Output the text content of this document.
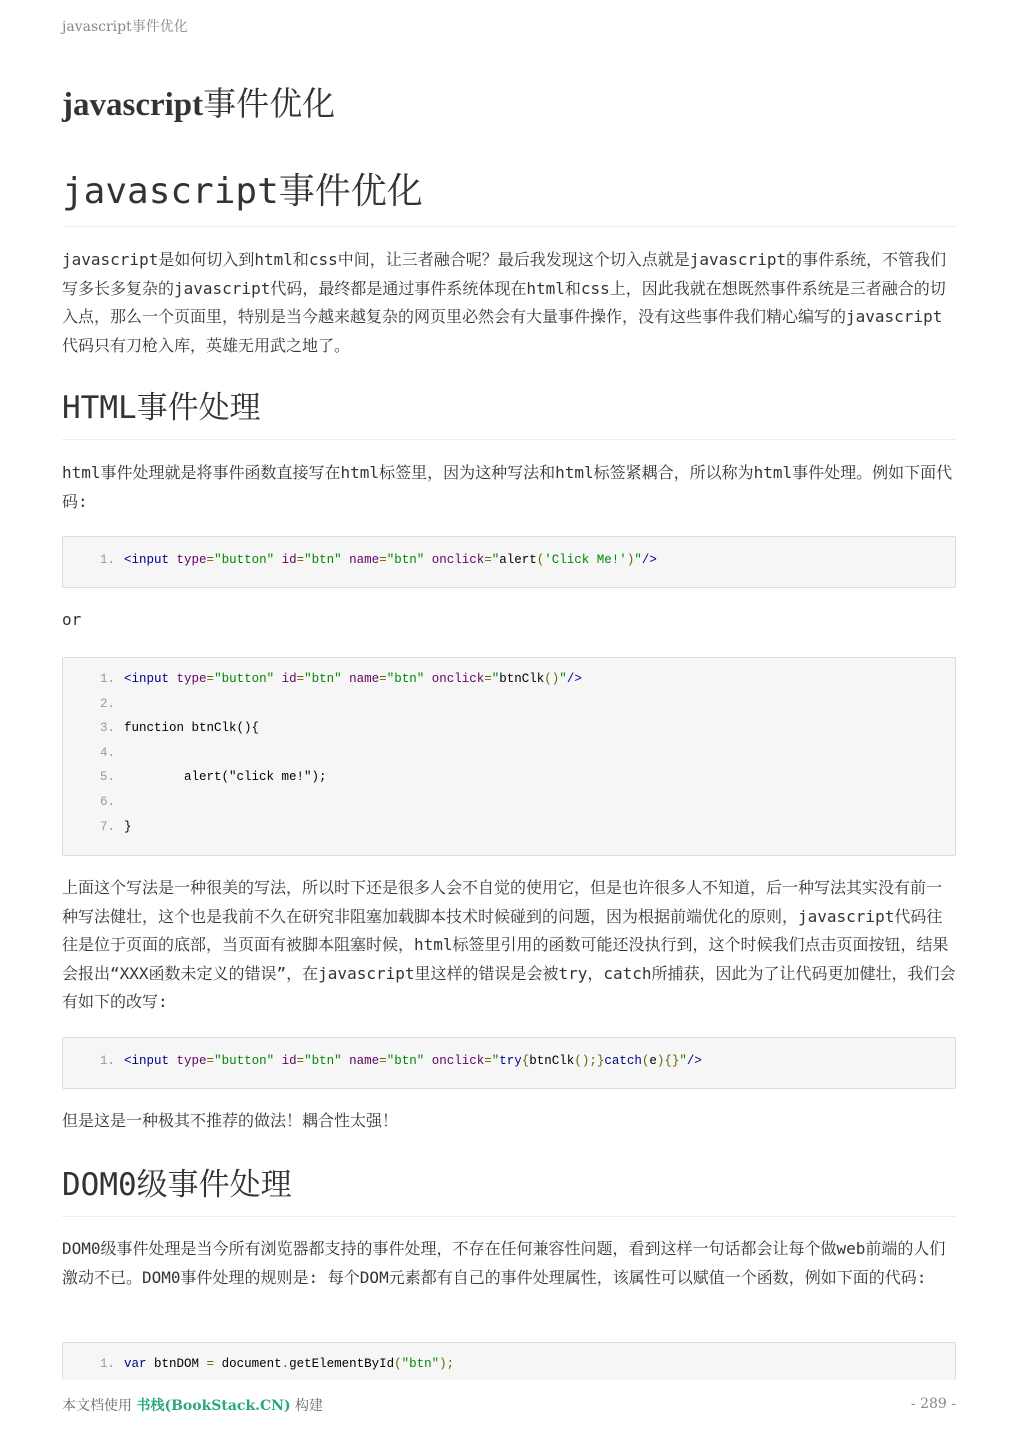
javascript事件优化
javascript事件优化
javascript事件优化

javascript是如何切入到html和css中间，让三者融合呢？最后我发现这个切入点就是javascript的事件系统，不管我们写多长多复杂的javascript代码，最终都是通过事件系统体现在html和css上，因此我就在想既然事件系统是三者融合的切入点，那么一个页面里，特别是当今越来越复杂的网页里必然会有大量事件操作，没有这些事件我们精心编写的javascript代码只有刀枪入库，英雄无用武之地了。

HTML事件处理

html事件处理就是将事件函数直接写在html标签里，因为这种写法和html标签紧耦合，所以称为html事件处理。例如下面代码:

1. <input type="button" id="btn" name="btn" onclick="alert('Click Me!')"/>

or

1. <input type="button" id="btn" name="btn" onclick="btnClk()"/>
2.
3. function btnClk(){
4.
5. alert("click me!");
6.
7. }

上面这个写法是一种很美的写法，所以时下还是很多人会不自觉的使用它，但是也许很多人不知道，后一种写法其实没有前一种写法健壮，这个也是我前不久在研究非阻塞加载脚本技术时候碰到的问题，因为根据前端优化的原则，javascript代码往往是位于页面的底部，当页面有被脚本阻塞时候，html标签里引用的函数可能还没执行到，这个时候我们点击页面按钮，结果会报出“XXX函数未定义的错误”，在javascript里这样的错误是会被try，catch所捕获，因此为了让代码更加健壮，我们会有如下的改写:

1. <input type="button" id="btn" name="btn" onclick="try{btnClk();}catch(e){}"/>

但是这是一种极其不推荐的做法！耦合性太强！

DOM0级事件处理

DOM0级事件处理是当今所有浏览器都支持的事件处理，不存在任何兼容性问题，看到这样一句话都会让每个做web前端的人们激动不已。DOM0事件处理的规则是: 每个DOM元素都有自己的事件处理属性，该属性可以赋值一个函数，例如下面的代码:

1. var btnDOM = document.getElementById("btn");
本文档使用 书栈(BookStack.CN) 构建	- 289 -
